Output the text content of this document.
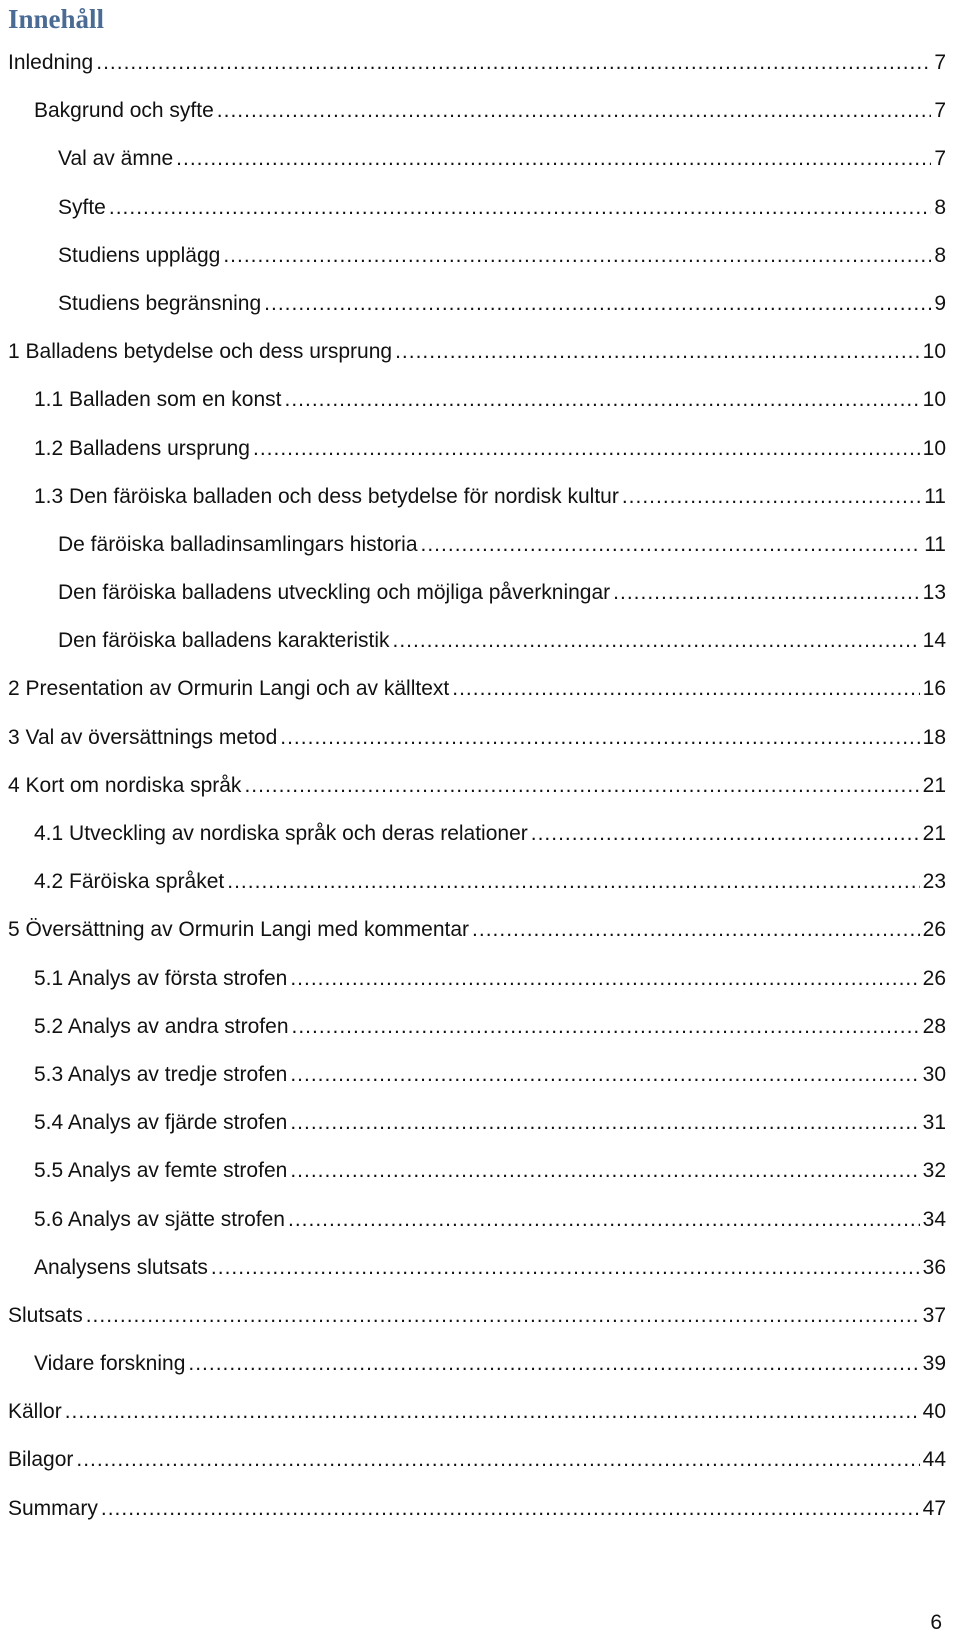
Innehåll
Inledning .....	7
Bakgrund och syfte .....	7
Val av ämne .....	7
Syfte .....	8
Studiens upplägg .....	8
Studiens begränsning .....	9
1 Balladens betydelse och dess ursprung .....	10
1.1 Balladen som en konst .....	10
1.2 Balladens ursprung .....	10
1.3 Den färöiska balladen och dess betydelse för nordisk kultur .....	11
De färöiska balladinsamlingars historia .....	11
Den färöiska balladens utveckling och möjliga påverkningar .....	13
Den färöiska balladens karakteristik .....	14
2 Presentation av Ormurin Langi och av källtext .....	16
3 Val av översättnings metod .....	18
4 Kort om nordiska språk .....	21
4.1 Utveckling av nordiska språk och deras relationer .....	21
4.2 Färöiska språket .....	23
5 Översättning av Ormurin Langi med kommentar .....	26
5.1 Analys av första strofen .....	26
5.2 Analys av andra strofen .....	28
5.3 Analys av tredje strofen .....	30
5.4 Analys av fjärde strofen .....	31
5.5 Analys av femte strofen .....	32
5.6 Analys av sjätte strofen .....	34
Analysens slutsats .....	36
Slutsats .....	37
Vidare forskning .....	39
Källor .....	40
Bilagor .....	44
Summary .....	47
6
